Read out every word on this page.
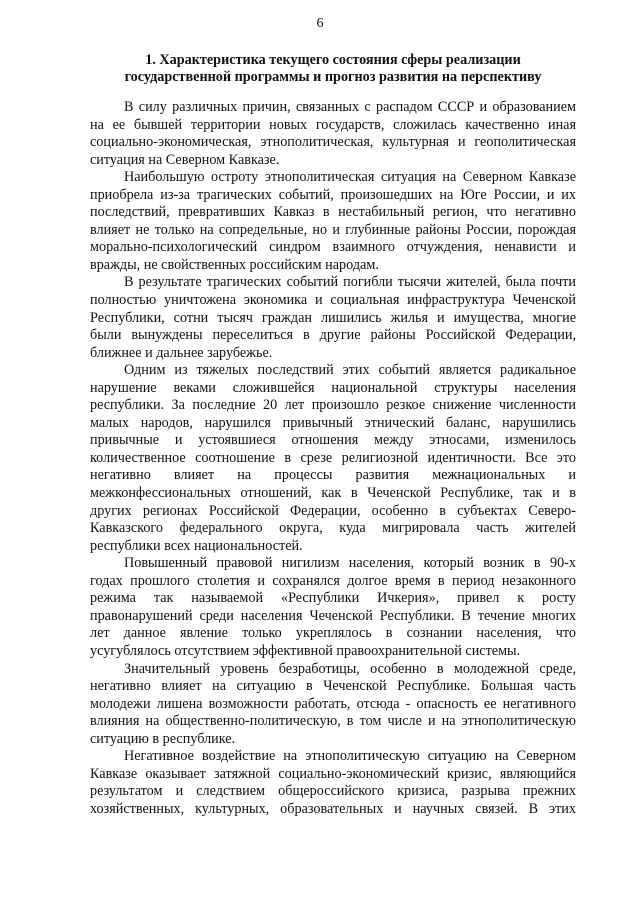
6
1. Характеристика текущего состояния сферы реализации
государственной программы и прогноз развития на перспективу

В силу различных причин, связанных с распадом СССР и образованием
на ее бывшей территории новых государств, сложилась качественно иная
социально-экономическая, этнополитическая, культурная и геополитическая
ситуация на Северном Кавказе.

Наибольшую остроту этнополитическая ситуация на Северном Кавказе
приобрела из-за трагических событий, произошедших на Юге России, и их
последствий, превративших Кавказ в нестабильный регион, что негативно
влияет не только на сопредельные, но и глубинные районы России, порождая
морально-психологический синдром взаимного отчуждения, ненависти и
вражды, не свойственных российским народам.

В результате трагических событий погибли тысячи жителей, была почти
полностью уничтожена экономика и социальная инфраструктура Чеченской
Республики, сотни тысяч граждан лишились жилья и имущества, многие
были вынуждены переселиться в другие районы Российской Федерации,
ближнее и дальнее зарубежье.

Одним из тяжелых последствий этих событий является радикальное
нарушение веками сложившейся национальной структуры населения
республики. За последние 20 лет произошло резкое снижение численности
малых народов, нарушился привычный этнический баланс, нарушились
привычные и устоявшиеся отношения между этносами, изменилось
количественное соотношение в срезе религиозной идентичности. Все это
негативно влияет на процессы развития межнациональных и
межконфессиональных отношений, как в Чеченской Республике, так и в
других регионах Российской Федерации, особенно в субъектах Северо-
Кавказского федерального округа, куда мигрировала часть жителей
республики всех национальностей.

Повышенный правовой нигилизм населения, который возник в 90-х
годах прошлого столетия и сохранялся долгое время в период незаконного
режима так называемой «Республики Ичкерия», привел к росту
правонарушений среди населения Чеченской Республики. В течение многих
лет данное явление только укреплялось в сознании населения, что
усугублялось отсутствием эффективной правоохранительной системы.

Значительный уровень безработицы, особенно в молодежной среде,
негативно влияет на ситуацию в Чеченской Республике. Большая часть
молодежи лишена возможности работать, отсюда - опасность ее негативного
влияния на общественно-политическую, в том числе и на этнополитическую
ситуацию в республике.

Негативное воздействие на этнополитическую ситуацию на Северном
Кавказе оказывает затяжной социально-экономический кризис, являющийся
результатом и следствием общероссийского кризиса, разрыва прежних
хозяйственных, культурных, образовательных и научных связей. В этих
